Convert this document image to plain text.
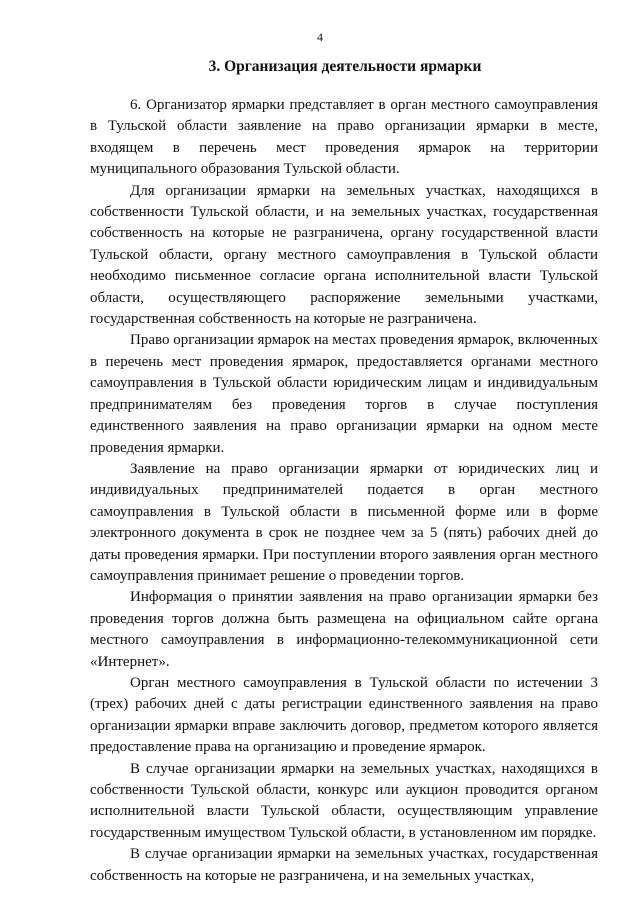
4
3. Организация деятельности ярмарки

6. Организатор ярмарки представляет в орган местного самоуправления в Тульской области заявление на право организации ярмарки в месте, входящем в перечень мест проведения ярмарок на территории муниципального образования Тульской области.

Для организации ярмарки на земельных участках, находящихся в собственности Тульской области, и на земельных участках, государственная собственность на которые не разграничена, органу государственной власти Тульской области, органу местного самоуправления в Тульской области необходимо письменное согласие органа исполнительной власти Тульской области, осуществляющего распоряжение земельными участками, государственная собственность на которые не разграничена.

Право организации ярмарок на местах проведения ярмарок, включенных в перечень мест проведения ярмарок, предоставляется органами местного самоуправления в Тульской области юридическим лицам и индивидуальным предпринимателям без проведения торгов в случае поступления единственного заявления на право организации ярмарки на одном месте проведения ярмарки.

Заявление на право организации ярмарки от юридических лиц и индивидуальных предпринимателей подается в орган местного самоуправления в Тульской области в письменной форме или в форме электронного документа в срок не позднее чем за 5 (пять) рабочих дней до даты проведения ярмарки. При поступлении второго заявления орган местного самоуправления принимает решение о проведении торгов.

Информация о принятии заявления на право организации ярмарки без проведения торгов должна быть размещена на официальном сайте органа местного самоуправления в информационно-телекоммуникационной сети «Интернет».

Орган местного самоуправления в Тульской области по истечении 3 (трех) рабочих дней с даты регистрации единственного заявления на право организации ярмарки вправе заключить договор, предметом которого является предоставление права на организацию и проведение ярмарок.

В случае организации ярмарки на земельных участках, находящихся в собственности Тульской области, конкурс или аукцион проводится органом исполнительной власти Тульской области, осуществляющим управление государственным имуществом Тульской области, в установленном им порядке.

В случае организации ярмарки на земельных участках, государственная собственность на которые не разграничена, и на земельных участках,
